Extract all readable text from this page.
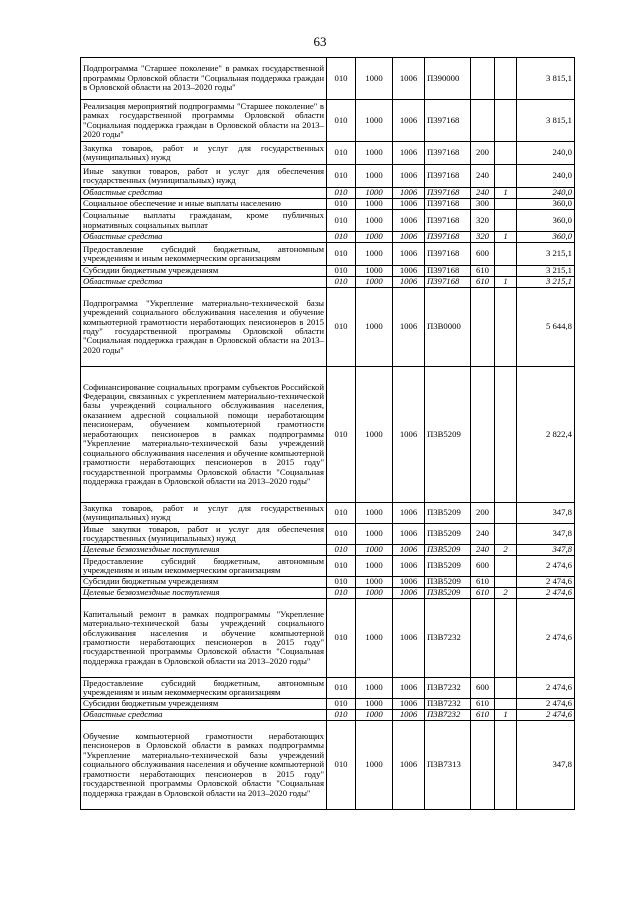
63
Подпрограмма "Старшее поколение" в рамках государственной программы Орловской области "Социальная поддержка граждан в Орловской области на 2013–2020 годы"	010	1000	1006	П390000			3 815,1
Реализация мероприятий подпрограммы "Старшее поколение" в рамках государственной программы Орловской области "Социальная поддержка граждан в Орловской области на 2013–2020 годы"	010	1000	1006	П397168			3 815,1
Закупка товаров, работ и услуг для государственных (муниципальных) нужд	010	1000	1006	П397168	200		240,0
Иные закупки товаров, работ и услуг для обеспечения государственных (муниципальных) нужд	010	1000	1006	П397168	240		240,0
Областные средства	010	1000	1006	П397168	240	1	240,0
Социальное обеспечение и иные выплаты населению	010	1000	1006	П397168	300		360,0
Социальные выплаты гражданам, кроме публичных нормативных социальных выплат	010	1000	1006	П397168	320		360,0
Областные средства	010	1000	1006	П397168	320	1	360,0
Предоставление субсидий бюджетным, автономным учреждениям и иным некоммерческим организациям	010	1000	1006	П397168	600		3 215,1
Субсидии бюджетным учреждениям	010	1000	1006	П397168	610		3 215,1
Областные средства	010	1000	1006	П397168	610	1	3 215,1
Подпрограмма "Укрепление материально-технической базы учреждений социального обслуживания населения и обучение компьютерной грамотности неработающих пенсионеров в 2015 году" государственной программы Орловской области "Социальная поддержка граждан в Орловской области на 2013–2020 годы"	010	1000	1006	П3В0000			5 644,8
Софинансирование социальных программ субъектов Российской Федерации, связанных с укреплением материально-технической базы учреждений социального обслуживания населения, оказанием адресной социальной помощи неработающим пенсионерам, обучением компьютерной грамотности неработающих пенсионеров в рамках подпрограммы "Укрепление материально-технической базы учреждений социального обслуживания населения и обучение компьютерной грамотности неработающих пенсионеров в 2015 году" государственной программы Орловской области "Социальная поддержка граждан в Орловской области на 2013–2020 годы"	010	1000	1006	П3В5209			2 822,4
Закупка товаров, работ и услуг для государственных (муниципальных) нужд	010	1000	1006	П3В5209	200		347,8
Иные закупки товаров, работ и услуг для обеспечения государственных (муниципальных) нужд	010	1000	1006	П3В5209	240		347,8
Целевые безвозмездные поступления	010	1000	1006	П3В5209	240	2	347,8
Предоставление субсидий бюджетным, автономным учреждениям и иным некоммерческим организациям	010	1000	1006	П3В5209	600		2 474,6
Субсидии бюджетным учреждениям	010	1000	1006	П3В5209	610		2 474,6
Целевые безвозмездные поступления	010	1000	1006	П3В5209	610	2	2 474,6
Капитальный ремонт в рамках подпрограммы "Укрепление материально-технической базы учреждений социального обслуживания населения и обучение компьютерной грамотности неработающих пенсионеров в 2015 году" государственной программы Орловской области "Социальная поддержка граждан в Орловской области на 2013–2020 годы"	010	1000	1006	П3В7232			2 474,6
Предоставление субсидий бюджетным, автономным учреждениям и иным некоммерческим организациям	010	1000	1006	П3В7232	600		2 474,6
Субсидии бюджетным учреждениям	010	1000	1006	П3В7232	610		2 474,6
Областные средства	010	1000	1006	П3В7232	610	1	2 474,6
Обучение компьютерной грамотности неработающих пенсионеров в Орловской области в рамках подпрограммы "Укрепление материально-технической базы учреждений социального обслуживания населения и обучение компьютерной грамотности неработающих пенсионеров в 2015 году" государственной программы Орловской области "Социальная поддержка граждан в Орловской области на 2013–2020 годы"	010	1000	1006	П3В7313			347,8
